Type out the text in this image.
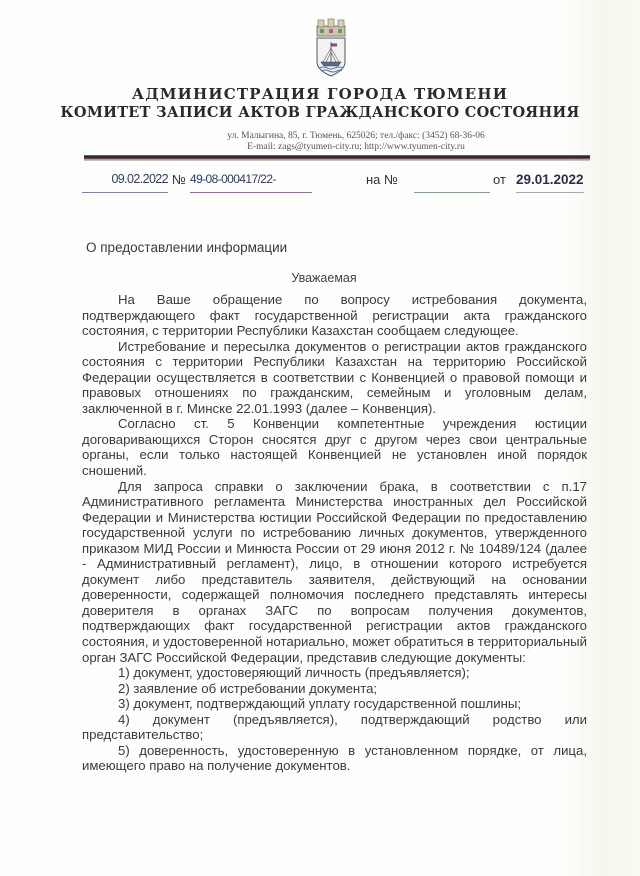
АДМИНИСТРАЦИЯ ГОРОДА ТЮМЕНИ
КОМИТЕТ ЗАПИСИ АКТОВ ГРАЖДАНСКОГО СОСТОЯНИЯ
ул. Малыгина, 85, г. Тюмень, 625026; тел./факс: (3452) 68-36-06
E-mail: zags@tyumen-city.ru; http://www.tyumen-city.ru
09.02.2022 № 49-08-000417/22-	на №	от 29.01.2022
О предоставлении информации
Уважаемая

На Ваше обращение по вопросу истребования документа, подтверждающего факт государственной регистрации акта гражданского состояния, с территории Республики Казахстан сообщаем следующее.

Истребование и пересылка документов о регистрации актов гражданского состояния с территории Республики Казахстан на территорию Российской Федерации осуществляется в соответствии с Конвенцией о правовой помощи и правовых отношениях по гражданским, семейным и уголовным делам, заключенной в г. Минске 22.01.1993 (далее – Конвенция).

Согласно ст. 5 Конвенции компетентные учреждения юстиции договаривающихся Сторон сносятся друг с другом через свои центральные органы, если только настоящей Конвенцией не установлен иной порядок сношений.

Для запроса справки о заключении брака, в соответствии с п.17 Административного регламента Министерства иностранных дел Российской Федерации и Министерства юстиции Российской Федерации по предоставлению государственной услуги по истребованию личных документов, утвержденного приказом МИД России и Минюста России от 29 июня 2012 г. № 10489/124 (далее - Административный регламент), лицо, в отношении которого истребуется документ либо представитель заявителя, действующий на основании доверенности, содержащей полномочия последнего представлять интересы доверителя в органах ЗАГС по вопросам получения документов, подтверждающих факт государственной регистрации актов гражданского состояния, и удостоверенной нотариально, может обратиться в территориальный орган ЗАГС Российской Федерации, представив следующие документы:

1) документ, удостоверяющий личность (предъявляется);

2) заявление об истребовании документа;

3) документ, подтверждающий уплату государственной пошлины;

4) документ (предъявляется), подтверждающий родство или представительство;

5) доверенность, удостоверенную в установленном порядке, от лица, имеющего право на получение документов.
